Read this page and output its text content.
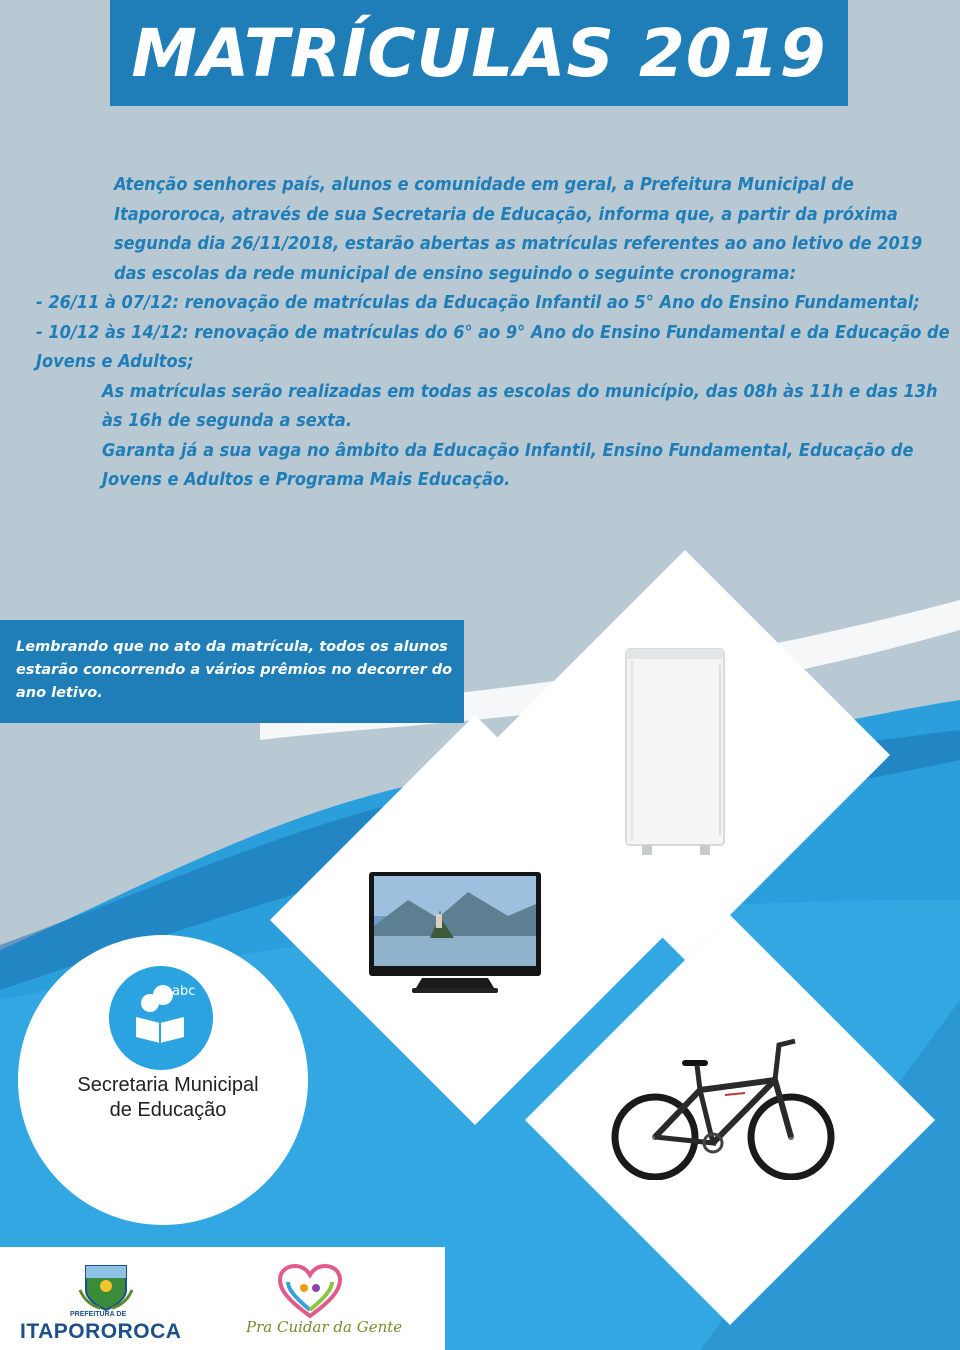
MATRÍCULAS 2019

Atenção senhores país, alunos e comunidade em geral, a Prefeitura Municipal de Itapororoca, através de sua Secretaria de Educação, informa que, a partir da próxima segunda dia 26/11/2018, estarão abertas as matrículas referentes ao ano letivo de 2019 das escolas da rede municipal de ensino seguindo o seguinte cronograma:

- 26/11 à 07/12: renovação de matrículas da Educação Infantil ao 5° Ano do Ensino Fundamental;

- 10/12 às 14/12: renovação de matrículas do 6° ao 9° Ano do Ensino Fundamental e da Educação de Jovens e Adultos;

As matrículas serão realizadas em todas as escolas do município, das 08h às 11h e das 13h às 16h de segunda a sexta.

Garanta já a sua vaga no âmbito da Educação Infantil, Ensino Fundamental, Educação de Jovens e Adultos e Programa Mais Educação.

Lembrando que no ato da matrícula, todos os alunos estarão concorrendo a vários prêmios no decorrer do ano letivo.

abc

Secretaria Municipal
de Educação

PREFEITURA DE

ITAPOROROCA	Pra Cuidar da Gente
